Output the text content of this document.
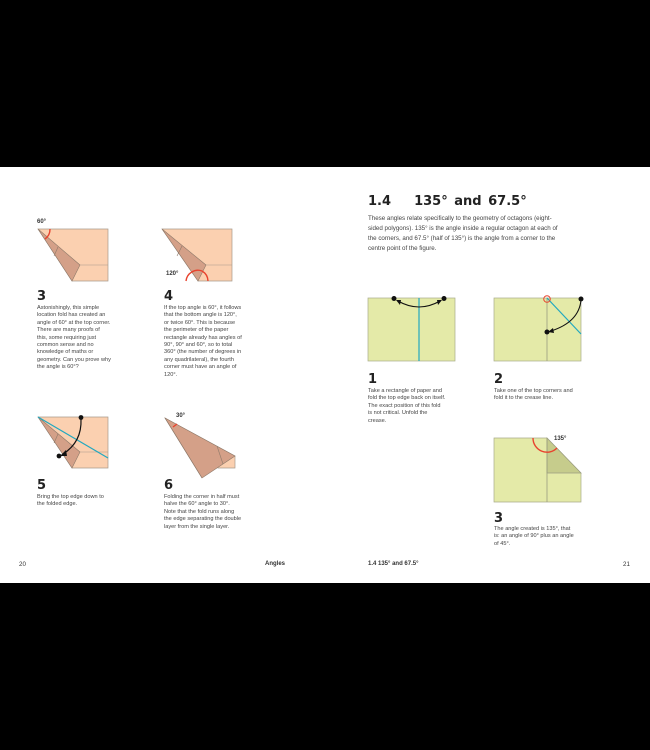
60°
3
Astonishingly, this simple location fold has created an angle of 60° at the top corner. There are many proofs of this, some requiring just common sense and no knowledge of maths or geometry. Can you prove why the angle is 60°?
120°
4
If the top angle is 60°, it follows that the bottom angle is 120°, or twice 60°. This is because the perimeter of the paper rectangle already has angles of 90°, 90° and 60°, so to total 360° (the number of degrees in any quadrilateral), the fourth corner must have an angle of 120°.
5
Bring the top edge down to the folded edge.
30°
6
Folding the corner in half must halve the 60° angle to 30°. Note that the fold runs along the edge separating the double layer from the single layer.
20	Angles
1.4 135° and 67.5°
These angles relate specifically to the geometry of octagons (eight-sided polygons). 135° is the angle inside a regular octagon at each of the corners, and 67.5° (half of 135°) is the angle from a corner to the centre point of the figure.
1
Take a rectangle of paper and fold the top edge back on itself. The exact position of this fold is not critical. Unfold the crease.
2
Take one of the top corners and fold it to the crease line.
135°
3
The angle created is 135°, that is: an angle of 90° plus an angle of 45°.
1.4 135° and 67.5°	21
